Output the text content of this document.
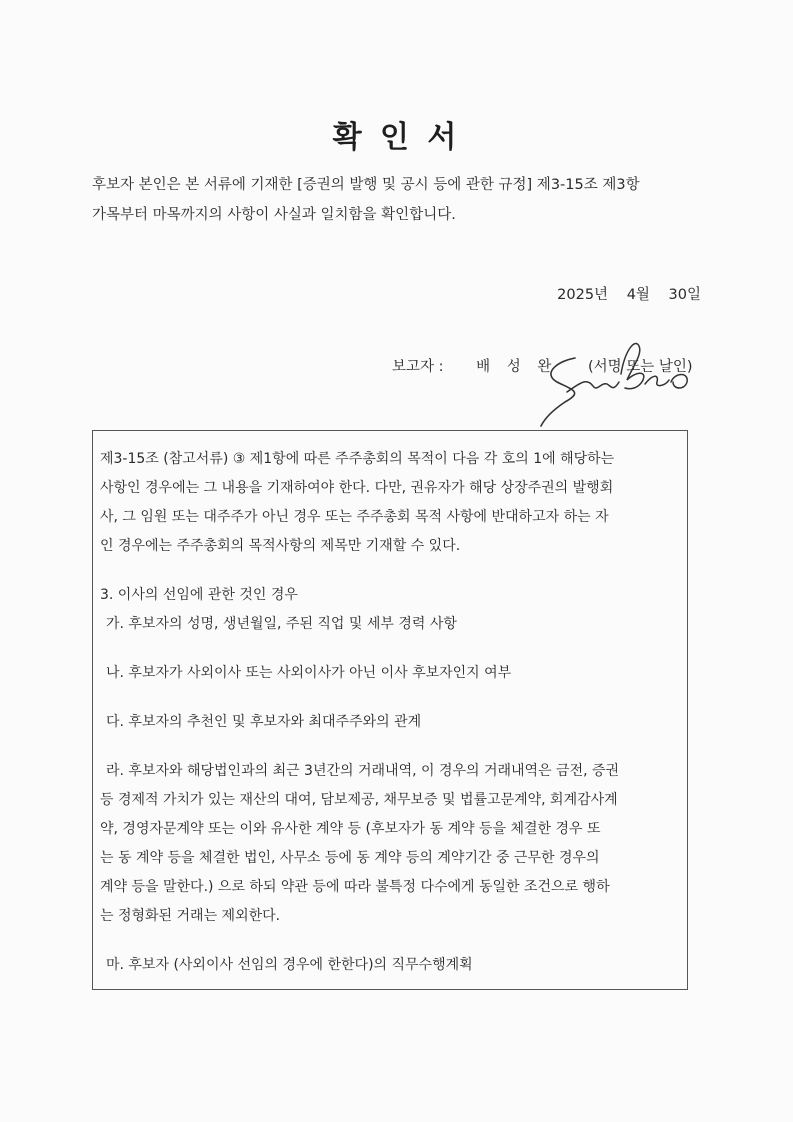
확 인 서
후보자 본인은 본 서류에 기재한 [증권의 발행 및 공시 등에 관한 규정] 제3-15조 제3항
가목부터 마목까지의 사항이 사실과 일치함을 확인합니다.
2025년 4월 30일
보고자 : 배 성 완 (서명 또는 날인)
제3-15조 (참고서류) ③ 제1항에 따른 주주총회의 목적이 다음 각 호의 1에 해당하는
사항인 경우에는 그 내용을 기재하여야 한다. 다만, 권유자가 해당 상장주권의 발행회
사, 그 임원 또는 대주주가 아닌 경우 또는 주주총회 목적 사항에 반대하고자 하는 자
인 경우에는 주주총회의 목적사항의 제목만 기재할 수 있다.
3. 이사의 선임에 관한 것인 경우
가. 후보자의 성명, 생년월일, 주된 직업 및 세부 경력 사항
나. 후보자가 사외이사 또는 사외이사가 아닌 이사 후보자인지 여부
다. 후보자의 추천인 및 후보자와 최대주주와의 관계
라. 후보자와 해당법인과의 최근 3년간의 거래내역, 이 경우의 거래내역은 금전, 증권
등 경제적 가치가 있는 재산의 대여, 담보제공, 채무보증 및 법률고문계약, 회계감사계
약, 경영자문계약 또는 이와 유사한 계약 등 (후보자가 동 계약 등을 체결한 경우 또
는 동 계약 등을 체결한 법인, 사무소 등에 동 계약 등의 계약기간 중 근무한 경우의
계약 등을 말한다.) 으로 하되 약관 등에 따라 불특정 다수에게 동일한 조건으로 행하
는 정형화된 거래는 제외한다.
마. 후보자 (사외이사 선임의 경우에 한한다)의 직무수행계획
